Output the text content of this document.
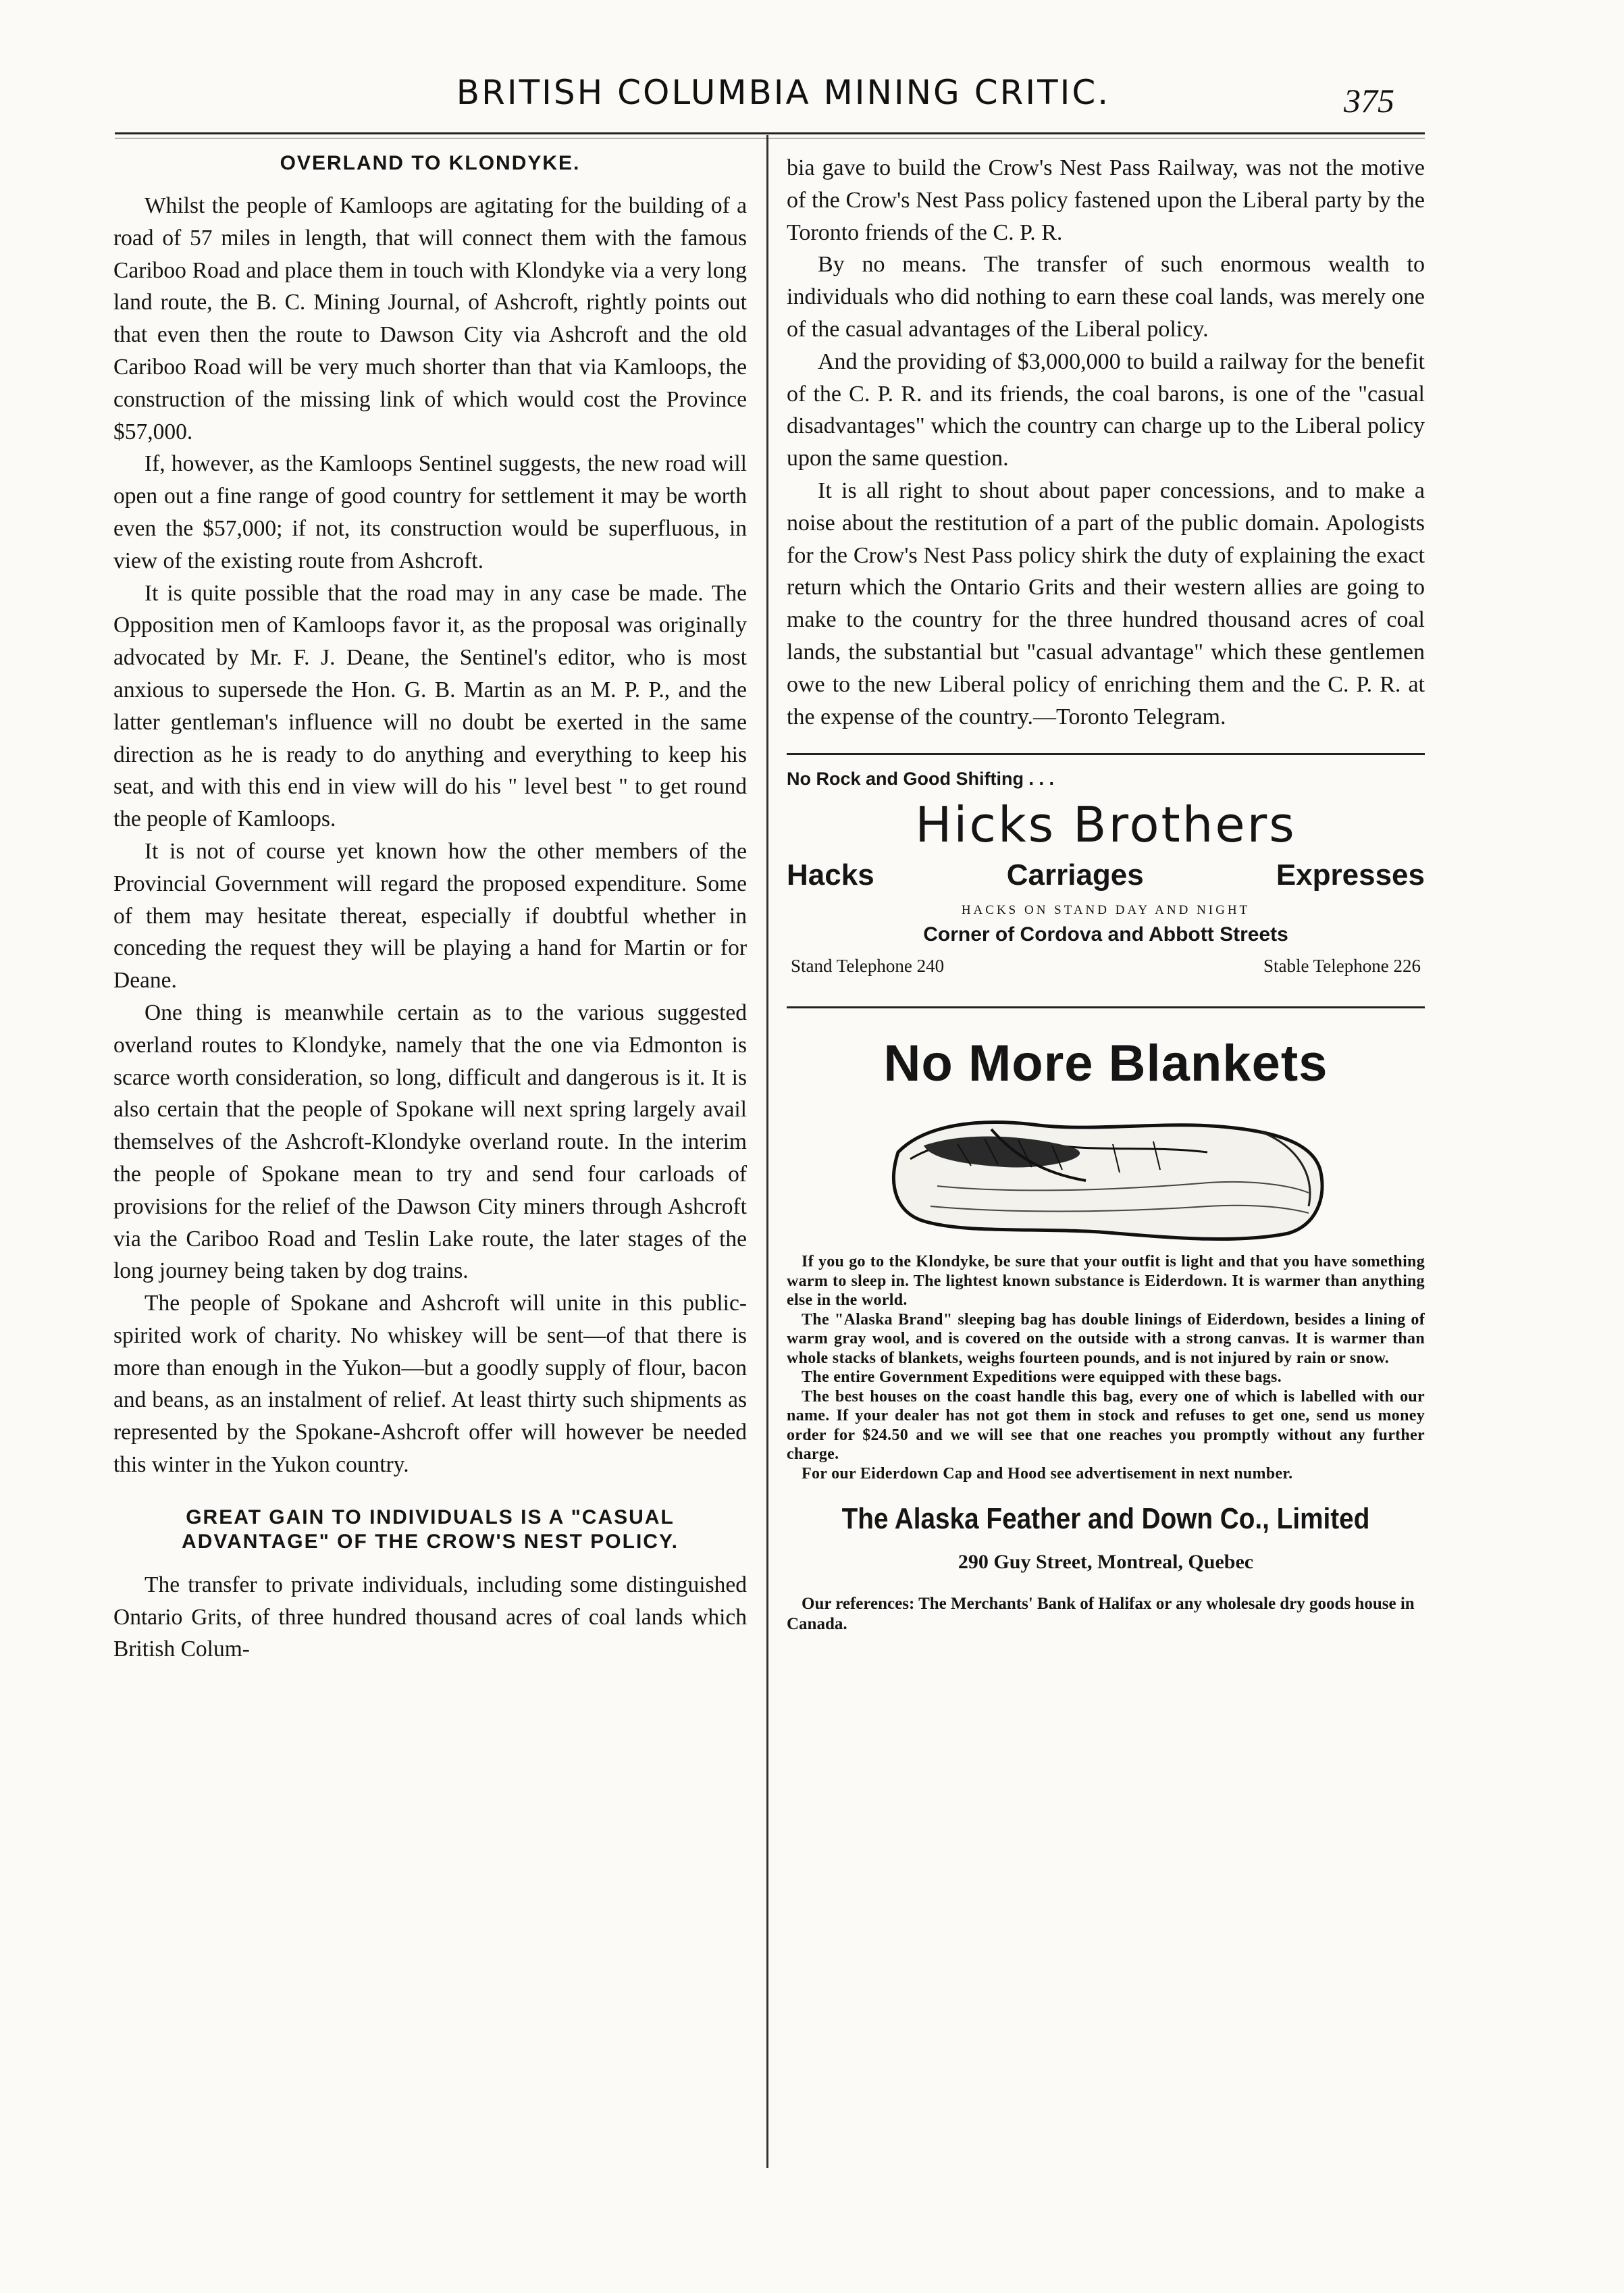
BRITISH COLUMBIA MINING CRITIC.	375
OVERLAND TO KLONDYKE.

Whilst the people of Kamloops are agitating for the building of a road of 57 miles in length, that will connect them with the famous Cariboo Road and place them in touch with Klondyke via a very long land route, the B. C. Mining Journal, of Ashcroft, rightly points out that even then the route to Dawson City via Ashcroft and the old Cariboo Road will be very much shorter than that via Kamloops, the construction of the missing link of which would cost the Province $57,000.

If, however, as the Kamloops Sentinel suggests, the new road will open out a fine range of good country for settlement it may be worth even the $57,000; if not, its construction would be superfluous, in view of the existing route from Ashcroft.

It is quite possible that the road may in any case be made. The Opposition men of Kamloops favor it, as the proposal was originally advocated by Mr. F. J. Deane, the Sentinel's editor, who is most anxious to supersede the Hon. G. B. Martin as an M. P. P., and the latter gentleman's influence will no doubt be exerted in the same direction as he is ready to do anything and everything to keep his seat, and with this end in view will do his " level best " to get round the people of Kamloops.

It is not of course yet known how the other members of the Provincial Government will regard the proposed expenditure. Some of them may hesitate thereat, especially if doubtful whether in conceding the request they will be playing a hand for Martin or for Deane.

One thing is meanwhile certain as to the various suggested overland routes to Klondyke, namely that the one via Edmonton is scarce worth consideration, so long, difficult and dangerous is it. It is also certain that the people of Spokane will next spring largely avail themselves of the Ashcroft-Klondyke overland route. In the interim the people of Spokane mean to try and send four carloads of provisions for the relief of the Dawson City miners through Ashcroft via the Cariboo Road and Teslin Lake route, the later stages of the long journey being taken by dog trains.

The people of Spokane and Ashcroft will unite in this public-spirited work of charity. No whiskey will be sent—of that there is more than enough in the Yukon—but a goodly supply of flour, bacon and beans, as an instalment of relief. At least thirty such shipments as represented by the Spokane-Ashcroft offer will however be needed this winter in the Yukon country.

GREAT GAIN TO INDIVIDUALS IS A "CASUAL
ADVANTAGE" OF THE CROW'S NEST POLICY.

The transfer to private individuals, including some distinguished Ontario Grits, of three hundred thousand acres of coal lands which British Colum-

bia gave to build the Crow's Nest Pass Railway, was not the motive of the Crow's Nest Pass policy fastened upon the Liberal party by the Toronto friends of the C. P. R.

By no means. The transfer of such enormous wealth to individuals who did nothing to earn these coal lands, was merely one of the casual advantages of the Liberal policy.

And the providing of $3,000,000 to build a railway for the benefit of the C. P. R. and its friends, the coal barons, is one of the "casual disadvantages" which the country can charge up to the Liberal policy upon the same question.

It is all right to shout about paper concessions, and to make a noise about the restitution of a part of the public domain. Apologists for the Crow's Nest Pass policy shirk the duty of explaining the exact return which the Ontario Grits and their western allies are going to make to the country for the three hundred thousand acres of coal lands, the substantial but "casual advantage" which these gentlemen owe to the new Liberal policy of enriching them and the C. P. R. at the expense of the country.—Toronto Telegram.

No Rock and Good Shifting . . .
Hicks Brothers
Hacks	Carriages	Expresses
HACKS ON STAND DAY AND NIGHT
Corner of Cordova and Abbott Streets
Stand Telephone 240	Stable Telephone 226
No More Blankets

If you go to the Klondyke, be sure that your outfit is light and that you have something warm to sleep in. The lightest known substance is Eiderdown. It is warmer than anything else in the world.

The "Alaska Brand" sleeping bag has double linings of Eiderdown, besides a lining of warm gray wool, and is covered on the outside with a strong canvas. It is warmer than whole stacks of blankets, weighs fourteen pounds, and is not injured by rain or snow.

The entire Government Expeditions were equipped with these bags.

The best houses on the coast handle this bag, every one of which is labelled with our name. If your dealer has not got them in stock and refuses to get one, send us money order for $24.50 and we will see that one reaches you promptly without any further charge.

For our Eiderdown Cap and Hood see advertisement in next number.

The Alaska Feather and Down Co., Limited
290 Guy Street, Montreal, Quebec
Our references: The Merchants' Bank of Halifax or any wholesale dry goods house in Canada.
